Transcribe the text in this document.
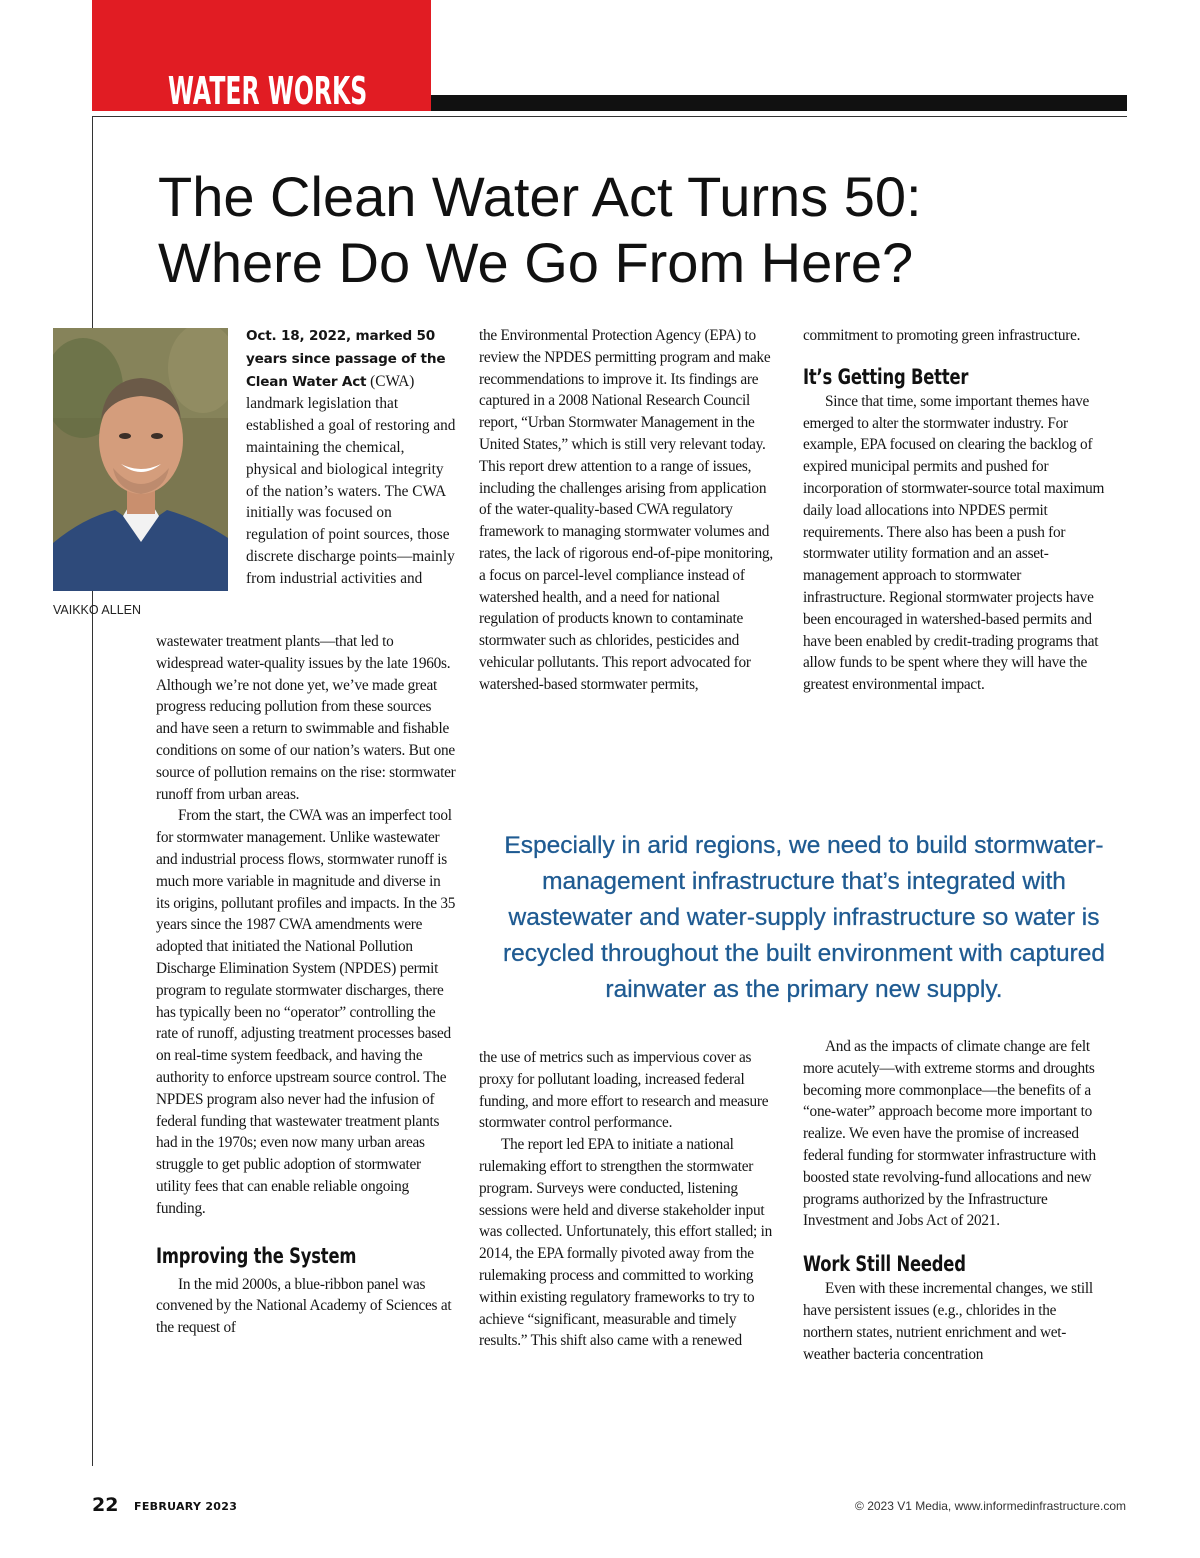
WATER WORKS
The Clean Water Act Turns 50:
Where Do We Go From Here?

VAIKKO ALLEN

Oct. 18, 2022, marked 50 years since passage of the Clean Water Act (CWA) landmark legislation that established a goal of restoring and maintaining the chemical, physical and biological integrity of the nation’s waters. The CWA initially was focused on regulation of point sources, those discrete discharge points—mainly from industrial activities and

wastewater treatment plants—that led to widespread water-quality issues by the late 1960s. Although we’re not done yet, we’ve made great progress reducing pollution from these sources and have seen a return to swimmable and fishable conditions on some of our nation’s waters. But one source of pollution remains on the rise: stormwater runoff from urban areas.

From the start, the CWA was an imperfect tool for stormwater management. Unlike wastewater and industrial process flows, stormwater runoff is much more variable in magnitude and diverse in its origins, pollutant profiles and impacts. In the 35 years since the 1987 CWA amendments were adopted that initiated the National Pollution Discharge Elimination System (NPDES) permit program to regulate stormwater discharges, there has typically been no “operator” controlling the rate of runoff, adjusting treatment processes based on real-time system feedback, and having the authority to enforce upstream source control. The NPDES program also never had the infusion of federal funding that wastewater treatment plants had in the 1970s; even now many urban areas struggle to get public adoption of stormwater utility fees that can enable reliable ongoing funding.

Improving the System

In the mid 2000s, a blue-ribbon panel was convened by the National Academy of Sciences at the request of

the Environmental Protection Agency (EPA) to review the NPDES permitting program and make recommendations to improve it. Its findings are captured in a 2008 National Research Council report, “Urban Stormwater Management in the United States,” which is still very relevant today. This report drew attention to a range of issues, including the challenges arising from application of the water-quality-based CWA regulatory framework to managing stormwater volumes and rates, the lack of rigorous end-of-pipe monitoring, a focus on parcel-level compliance instead of watershed health, and a need for national regulation of products known to contaminate stormwater such as chlorides, pesticides and vehicular pollutants. This report advocated for watershed-based stormwater permits,

commitment to promoting green infrastructure.

It’s Getting Better

Since that time, some important themes have emerged to alter the stormwater industry. For example, EPA focused on clearing the backlog of expired municipal permits and pushed for incorporation of stormwater-source total maximum daily load allocations into NPDES permit requirements. There also has been a push for stormwater utility formation and an asset-management approach to stormwater infrastructure. Regional stormwater projects have been encouraged in watershed-based permits and have been enabled by credit-trading programs that allow funds to be spent where they will have the greatest environmental impact.

Especially in arid regions, we need to build stormwater-management infrastructure that’s integrated with wastewater and water-supply infrastructure so water is recycled throughout the built environment with captured rainwater as the primary new supply.

the use of metrics such as impervious cover as proxy for pollutant loading, increased federal funding, and more effort to research and measure stormwater control performance.

The report led EPA to initiate a national rulemaking effort to strengthen the stormwater program. Surveys were conducted, listening sessions were held and diverse stakeholder input was collected. Unfortunately, this effort stalled; in 2014, the EPA formally pivoted away from the rulemaking process and committed to working within existing regulatory frameworks to try to achieve “significant, measurable and timely results.” This shift also came with a renewed

And as the impacts of climate change are felt more acutely—with extreme storms and droughts becoming more commonplace—the benefits of a “one-water” approach become more important to realize. We even have the promise of increased federal funding for stormwater infrastructure with boosted state revolving-fund allocations and new programs authorized by the Infrastructure Investment and Jobs Act of 2021.

Work Still Needed

Even with these incremental changes, we still have persistent issues (e.g., chlorides in the northern states, nutrient enrichment and wet-weather bacteria concentration

22 FEBRUARY 2023	© 2023 V1 Media, www.informedinfrastructure.com
